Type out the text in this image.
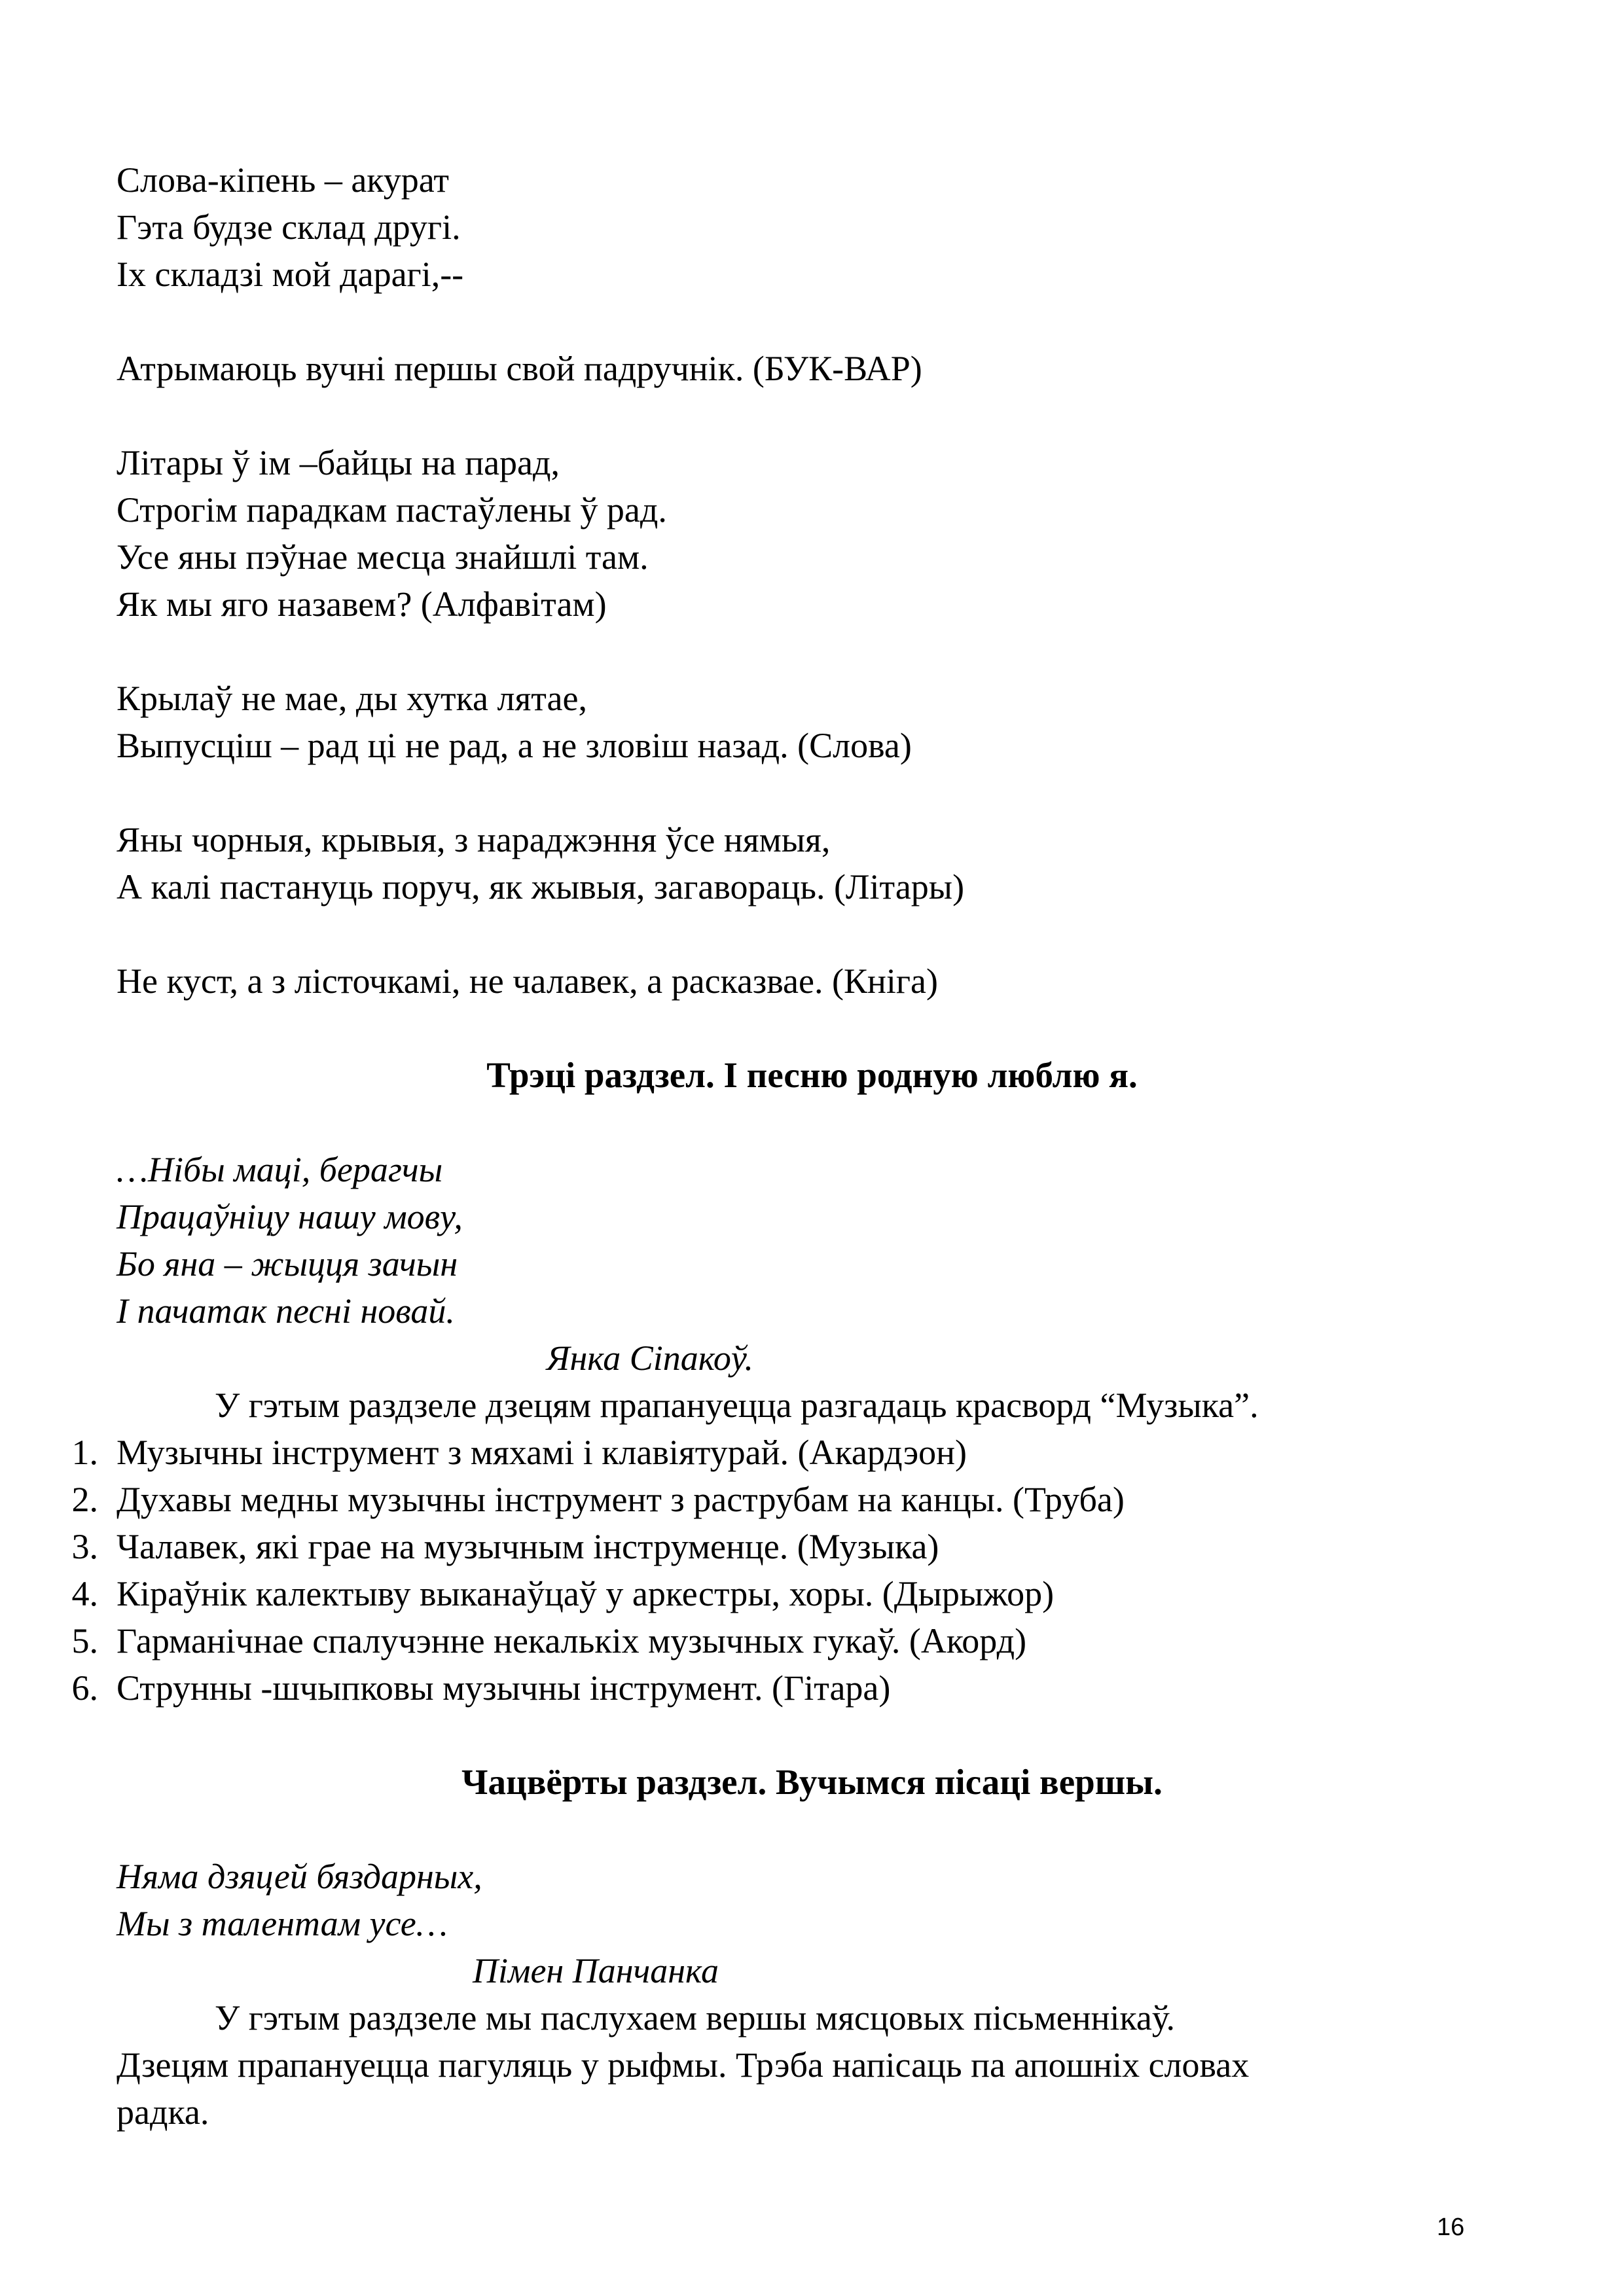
Слова-кіпень – акурат
Гэта будзе склад другі.
Іх складзі мой дарагі,--
Атрымаюць вучні першы свой падручнік. (БУК-ВАР)
Літары ў ім –байцы на парад,
Строгім парадкам пастаўлены ў рад.
Усе яны пэўнае месца знайшлі там.
Як мы яго назавем? (Алфавітам)
Крылаў не мае, ды хутка лятае,
Выпусціш – рад ці не рад, а не зловіш назад. (Слова)
Яны чорныя, крывыя, з нараджэння ўсе нямыя,
А калі пастануць поруч, як жывыя, загавораць. (Літары)
Не куст, а з лісточкамі, не чалавек, а расказвае. (Кніга)
Трэці раздзел. І песню родную люблю я.
…Нібы маці, берагчы
Працаўніцу нашу мову,
Бо яна – жыцця зачын
І пачатак песні новай.
Янка Сіпакоў.
У гэтым раздзеле дзецям прапануецца разгадаць красворд “Музыка”.
1. Музычны інструмент з мяхамі і клавіятурай. (Акардэон)
2. Духавы медны музычны інструмент з раструбам на канцы. (Труба)
3. Чалавек, які грае на музычным інструменце. (Музыка)
4. Кіраўнік калектыву выканаўцаў у аркестры, хоры. (Дырыжор)
5. Гарманічнае спалучэнне некалькіх музычных гукаў. (Акорд)
6. Струнны -шчыпковы музычны інструмент. (Гітара)
Чацвёрты раздзел. Вучымся пісаці вершы.
Няма дзяцей бяздарных,
Мы з талентам усе…
Пімен Панчанка
У гэтым раздзеле мы паслухаем вершы мясцовых пісьменнікаў.
Дзецям прапануецца пагуляць у рыфмы. Трэба напісаць па апошніх словах
радка.
16
